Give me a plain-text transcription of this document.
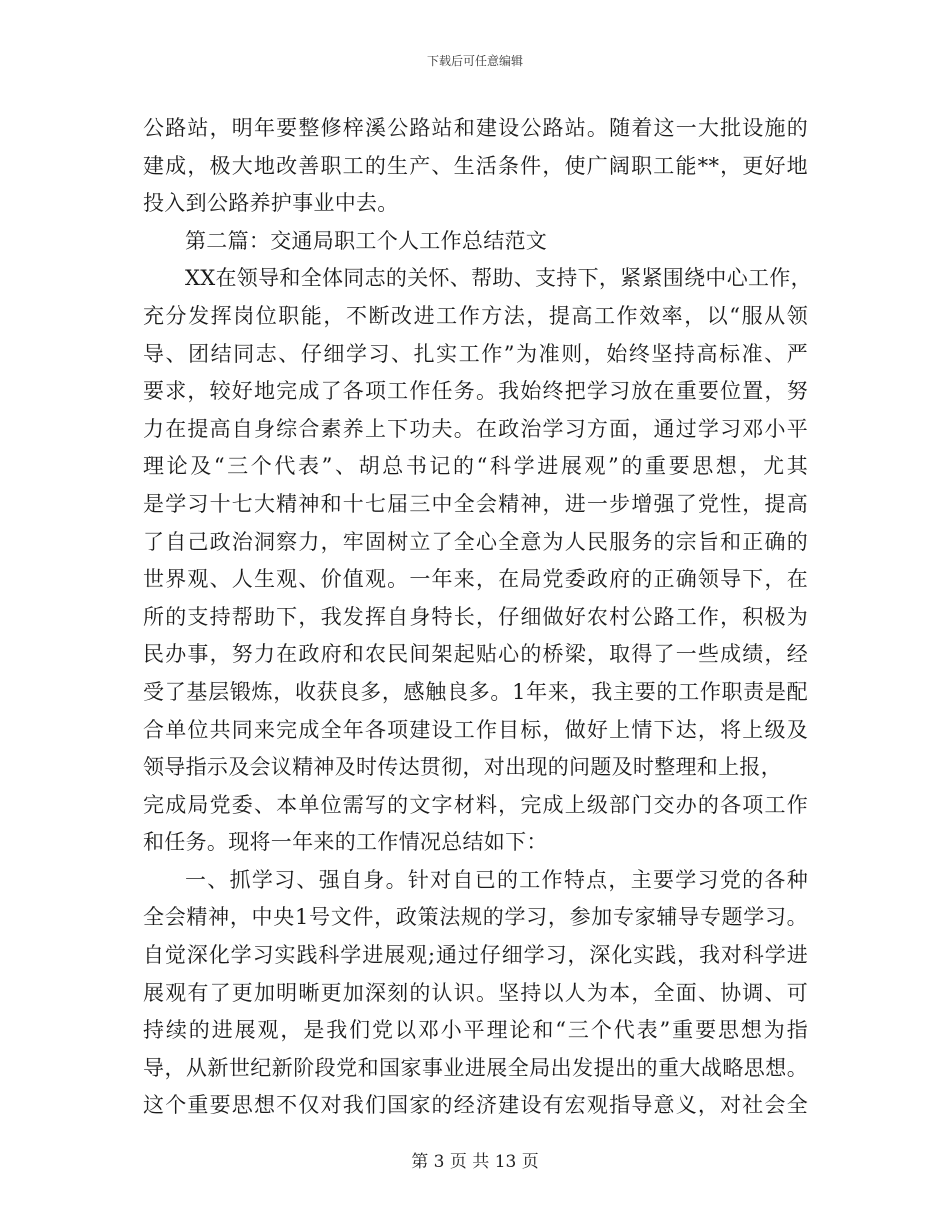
下载后可任意编辑
公路站，明年要整修梓溪公路站和建设公路站。随着这一大批设施的
建成，极大地改善职工的生产、生活条件，使广阔职工能**，更好地
投入到公路养护事业中去。
第二篇：交通局职工个人工作总结范文
XX在领导和全体同志的关怀、帮助、支持下，紧紧围绕中心工作，
充分发挥岗位职能，不断改进工作方法，提高工作效率，以“服从领
导、团结同志、仔细学习、扎实工作”为准则，始终坚持高标准、严
要求，较好地完成了各项工作任务。我始终把学习放在重要位置，努
力在提高自身综合素养上下功夫。在政治学习方面，通过学习邓小平
理论及“三个代表”、胡总书记的“科学进展观”的重要思想，尤其
是学习十七大精神和十七届三中全会精神，进一步增强了党性，提高
了自己政治洞察力，牢固树立了全心全意为人民服务的宗旨和正确的
世界观、人生观、价值观。一年来，在局党委政府的正确领导下，在
所的支持帮助下，我发挥自身特长，仔细做好农村公路工作，积极为
民办事，努力在政府和农民间架起贴心的桥梁，取得了一些成绩，经
受了基层锻炼，收获良多，感触良多。1年来，我主要的工作职责是配
合单位共同来完成全年各项建设工作目标，做好上情下达，将上级及
领导指示及会议精神及时传达贯彻，对出现的问题及时整理和上报，
完成局党委、本单位需写的文字材料，完成上级部门交办的各项工作
和任务。现将一年来的工作情况总结如下：
一、抓学习、强自身。针对自已的工作特点，主要学习党的各种
全会精神，中央1号文件，政策法规的学习，参加专家辅导专题学习。
自觉深化学习实践科学进展观;通过仔细学习，深化实践，我对科学进
展观有了更加明晰更加深刻的认识。坚持以人为本，全面、协调、可
持续的进展观，是我们党以邓小平理论和“三个代表”重要思想为指
导，从新世纪新阶段党和国家事业进展全局出发提出的重大战略思想。
这个重要思想不仅对我们国家的经济建设有宏观指导意义，对社会全
第 3 页 共 13 页
